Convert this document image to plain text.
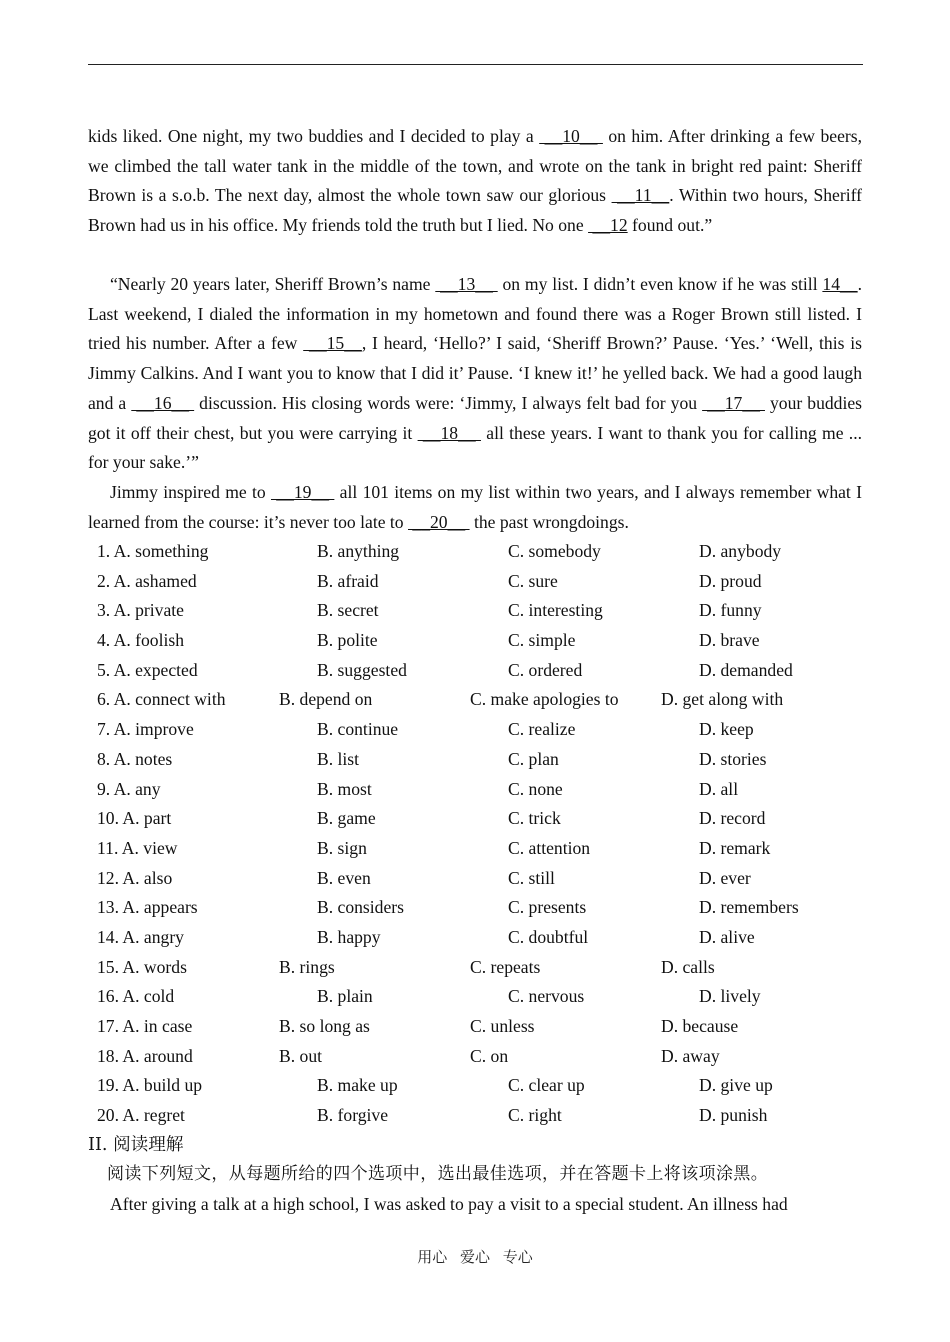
kids liked. One night, my two buddies and I decided to play a  __10__  on him. After drinking a few beers, we climbed the tall water tank in the middle of the town, and wrote on the tank in bright red paint: Sheriff Brown is a s.o.b. The next day, almost the whole town saw our glorious  __11__. Within two hours, Sheriff Brown had us in his office. My friends told the truth but I lied. No one  __12 found out.”

“Nearly 20 years later, Sheriff Brown’s name  __13__  on my list. I didn’t even know if he was still 14__. Last weekend, I dialed the information in my hometown and found there was a Roger Brown still listed. I tried his number. After a few  __15__, I heard, ‘Hello?’ I said, ‘Sheriff Brown?’ Pause. ‘Yes.’ ‘Well, this is Jimmy Calkins. And I want you to know that I did it’ Pause. ‘I knew it!’ he yelled back. We had a good laugh and a  __16__  discussion. His closing words were: ‘Jimmy, I always felt bad for you  __17__  your buddies got it off their chest, but you were carrying it  __18__  all these years. I want to thank you for calling me ... for your sake.’”

Jimmy inspired me to  __19__  all 101 items on my list within two years, and I always remember what I learned from the course: it’s never too late to  __20__  the past wrongdoings.

1. A. something	B. anything	C. somebody	D. anybody
2. A. ashamed	B. afraid	C. sure	D. proud
3. A. private	B. secret	C. interesting	D. funny
4. A. foolish	B. polite	C. simple	D. brave
5. A. expected	B. suggested	C. ordered	D. demanded
6. A. connect with	B. depend on	C. make apologies to D. get along with
7. A. improve	B. continue	C. realize	D. keep
8. A. notes	B. list	C. plan	D. stories
9. A. any	B. most	C. none	D. all
10. A. part	B. game	C. trick	D. record
11. A. view	B. sign	C. attention	D. remark
12. A. also	B. even	C. still	D. ever
13. A. appears	B. considers	C. presents	D. remembers
14. A. angry	B. happy	C. doubtful	D. alive
15. A. words	B. rings	C. repeats	D. calls
16. A. cold	B. plain	C. nervous	D. lively
17. A. in case	B. so long as	C. unless	D. because
18. A. around	B. out	C. on	D. away
19. A. build up	B. make up	C. clear up	D. give up
20. A. regret	B. forgive	C. right	D. punish
II. 阅读理解
阅读下列短文，从每题所给的四个选项中，选出最佳选项，并在答题卡上将该项涂黑。
After giving a talk at a high school, I was asked to pay a visit to a special student. An illness had
用心 爱心 专心
